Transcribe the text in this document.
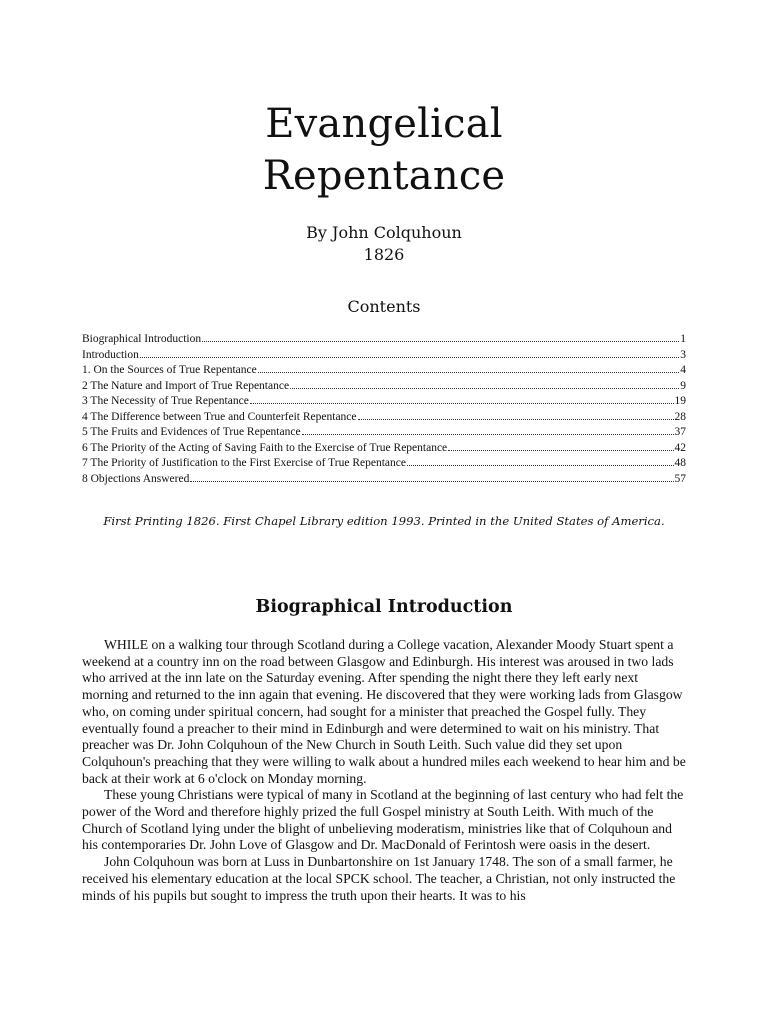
Evangelical
Repentance
By John Colquhoun
1826
Contents
Biographical Introduction	1
Introduction	3
1. On the Sources of True Repentance	4
2 The Nature and Import of True Repentance	9
3 The Necessity of True Repentance	19
4 The Difference between True and Counterfeit Repentance	28
5 The Fruits and Evidences of True Repentance	37
6 The Priority of the Acting of Saving Faith to the Exercise of True Repentance	42
7 The Priority of Justification to the First Exercise of True Repentance	48
8 Objections Answered	57
First Printing 1826. First Chapel Library edition 1993. Printed in the United States of America.
Biographical Introduction

WHILE on a walking tour through Scotland during a College vacation, Alexander Moody Stuart spent a weekend at a country inn on the road between Glasgow and Edinburgh. His interest was aroused in two lads who arrived at the inn late on the Saturday evening. After spending the night there they left early next morning and returned to the inn again that evening. He discovered that they were working lads from Glasgow who, on coming under spiritual concern, had sought for a minister that preached the Gospel fully. They eventually found a preacher to their mind in Edinburgh and were determined to wait on his ministry. That preacher was Dr. John Colquhoun of the New Church in South Leith. Such value did they set upon Colquhoun's preaching that they were willing to walk about a hundred miles each weekend to hear him and be back at their work at 6 o'clock on Monday morning.

These young Christians were typical of many in Scotland at the beginning of last century who had felt the power of the Word and therefore highly prized the full Gospel ministry at South Leith. With much of the Church of Scotland lying under the blight of unbelieving moderatism, ministries like that of Colquhoun and his contemporaries Dr. John Love of Glasgow and Dr. MacDonald of Ferintosh were oasis in the desert.

John Colquhoun was born at Luss in Dunbartonshire on 1st January 1748. The son of a small farmer, he received his elementary education at the local SPCK school. The teacher, a Christian, not only instructed the minds of his pupils but sought to impress the truth upon their hearts. It was to his
